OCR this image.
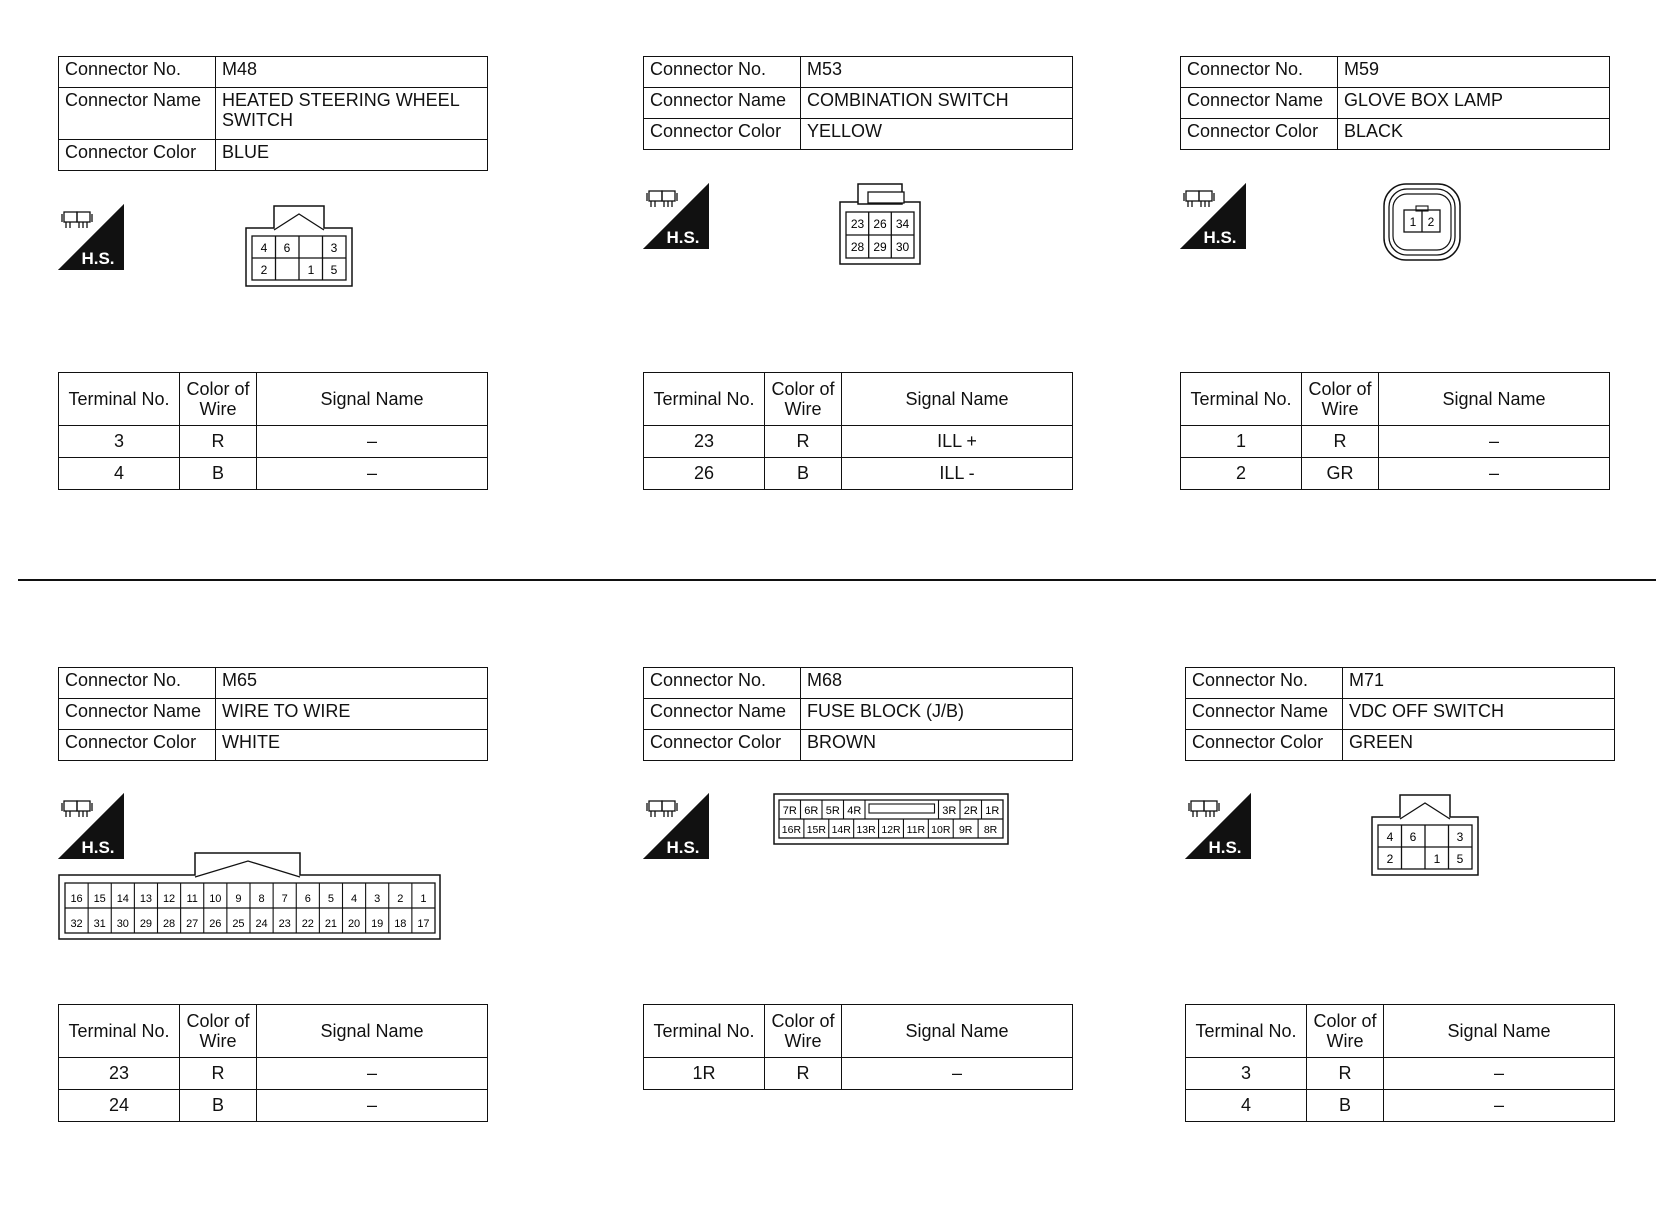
Connector No.	M48
Connector Name	HEATED STEERING WHEEL SWITCH
Connector Color	BLUE
H.S.
4 6	3
2	1 5
Terminal No.	Color of Wire	Signal Name
3	R	–
4	B	–
Connector No.	M53
Connector Name	COMBINATION SWITCH
Connector Color	YELLOW
H.S.
23 26 34
28 29 30
Terminal No.	Color of Wire	Signal Name
23	R	ILL +
26	B	ILL -
Connector No.	M59
Connector Name	GLOVE BOX LAMP
Connector Color	BLACK
H.S.
1 2
Terminal No.	Color of Wire	Signal Name
1	R	–
2	GR	–
Connector No.	M65
Connector Name	WIRE TO WIRE
Connector Color	WHITE
H.S.
16 15 14 13 12 11 10 9 8 7 6 5 4 3 2 1
32 31 30 29 28 27 26 25 24 23 22 21 20 19 18 17
Terminal No.	Color of Wire	Signal Name
23	R	–
24	B	–
Connector No.	M68
Connector Name	FUSE BLOCK (J/B)
Connector Color	BROWN
H.S.
7R 6R 5R 4R	3R 2R 1R
16R 15R 14R 13R 12R 11R 10R 9R 8R
Terminal No.	Color of Wire	Signal Name
1R	R	–
Connector No.	M71
Connector Name	VDC OFF SWITCH
Connector Color	GREEN
H.S.
4 6	3
2	1 5
Terminal No.	Color of Wire	Signal Name
3	R	–
4	B	–
